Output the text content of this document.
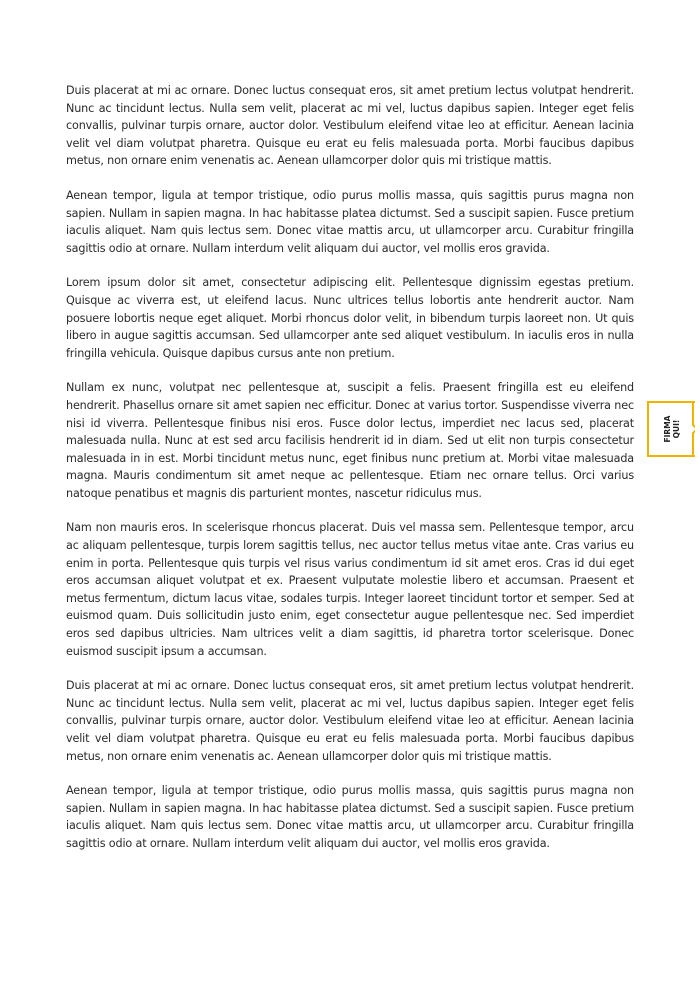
Duis placerat at mi ac ornare. Donec luctus consequat eros, sit amet pretium lectus volutpat hendrerit. Nunc ac tincidunt lectus. Nulla sem velit, placerat ac mi vel, luctus dapibus sapien. Integer eget felis convallis, pulvinar turpis ornare, auctor dolor. Vestibulum eleifend vitae leo at efficitur. Aenean lacinia velit vel diam volutpat pharetra. Quisque eu erat eu felis malesuada porta. Morbi faucibus dapibus metus, non ornare enim venenatis ac. Aenean ullamcorper dolor quis mi tristique mattis.

Aenean tempor, ligula at tempor tristique, odio purus mollis massa, quis sagittis purus magna non sapien. Nullam in sapien magna. In hac habitasse platea dictumst. Sed a suscipit sapien. Fusce pretium iaculis aliquet. Nam quis lectus sem. Donec vitae mattis arcu, ut ullamcorper arcu. Curabitur fringilla sagittis odio at ornare. Nullam interdum velit aliquam dui auctor, vel mollis eros gravida.

Lorem ipsum dolor sit amet, consectetur adipiscing elit. Pellentesque dignissim egestas pretium. Quisque ac viverra est, ut eleifend lacus. Nunc ultrices tellus lobortis ante hendrerit auctor. Nam posuere lobortis neque eget aliquet. Morbi rhoncus dolor velit, in bibendum turpis laoreet non. Ut quis libero in augue sagittis accumsan. Sed ullamcorper ante sed aliquet vestibulum. In iaculis eros in nulla fringilla vehicula. Quisque dapibus cursus ante non pretium.

Nullam ex nunc, volutpat nec pellentesque at, suscipit a felis. Praesent fringilla est eu eleifend hendrerit. Phasellus ornare sit amet sapien nec efficitur. Donec at varius tortor. Suspendisse viverra nec nisi id viverra. Pellentesque finibus nisi eros. Fusce dolor lectus, imperdiet nec lacus sed, placerat malesuada nulla. Nunc at est sed arcu facilisis hendrerit id in diam. Sed ut elit non turpis consectetur malesuada in in est. Morbi tincidunt metus nunc, eget finibus nunc pretium at. Morbi vitae malesuada magna. Mauris condimentum sit amet neque ac pellentesque. Etiam nec ornare tellus. Orci varius natoque penatibus et magnis dis parturient montes, nascetur ridiculus mus.

Nam non mauris eros. In scelerisque rhoncus placerat. Duis vel massa sem. Pellentesque tempor, arcu ac aliquam pellentesque, turpis lorem sagittis tellus, nec auctor tellus metus vitae ante. Cras varius eu enim in porta. Pellentesque quis turpis vel risus varius condimentum id sit amet eros. Cras id dui eget eros accumsan aliquet volutpat et ex. Praesent vulputate molestie libero et accumsan. Praesent et metus fermentum, dictum lacus vitae, sodales turpis. Integer laoreet tincidunt tortor et semper. Sed at euismod quam. Duis sollicitudin justo enim, eget consectetur augue pellentesque nec. Sed imperdiet eros sed dapibus ultricies. Nam ultrices velit a diam sagittis, id pharetra tortor scelerisque. Donec euismod suscipit ipsum a accumsan.

Duis placerat at mi ac ornare. Donec luctus consequat eros, sit amet pretium lectus volutpat hendrerit. Nunc ac tincidunt lectus. Nulla sem velit, placerat ac mi vel, luctus dapibus sapien. Integer eget felis convallis, pulvinar turpis ornare, auctor dolor. Vestibulum eleifend vitae leo at efficitur. Aenean lacinia velit vel diam volutpat pharetra. Quisque eu erat eu felis malesuada porta. Morbi faucibus dapibus metus, non ornare enim venenatis ac. Aenean ullamcorper dolor quis mi tristique mattis.

Aenean tempor, ligula at tempor tristique, odio purus mollis massa, quis sagittis purus magna non sapien. Nullam in sapien magna. In hac habitasse platea dictumst. Sed a suscipit sapien. Fusce pretium iaculis aliquet. Nam quis lectus sem. Donec vitae mattis arcu, ut ullamcorper arcu. Curabitur fringilla sagittis odio at ornare. Nullam interdum velit aliquam dui auctor, vel mollis eros gravida.

FIRMA QUI!
